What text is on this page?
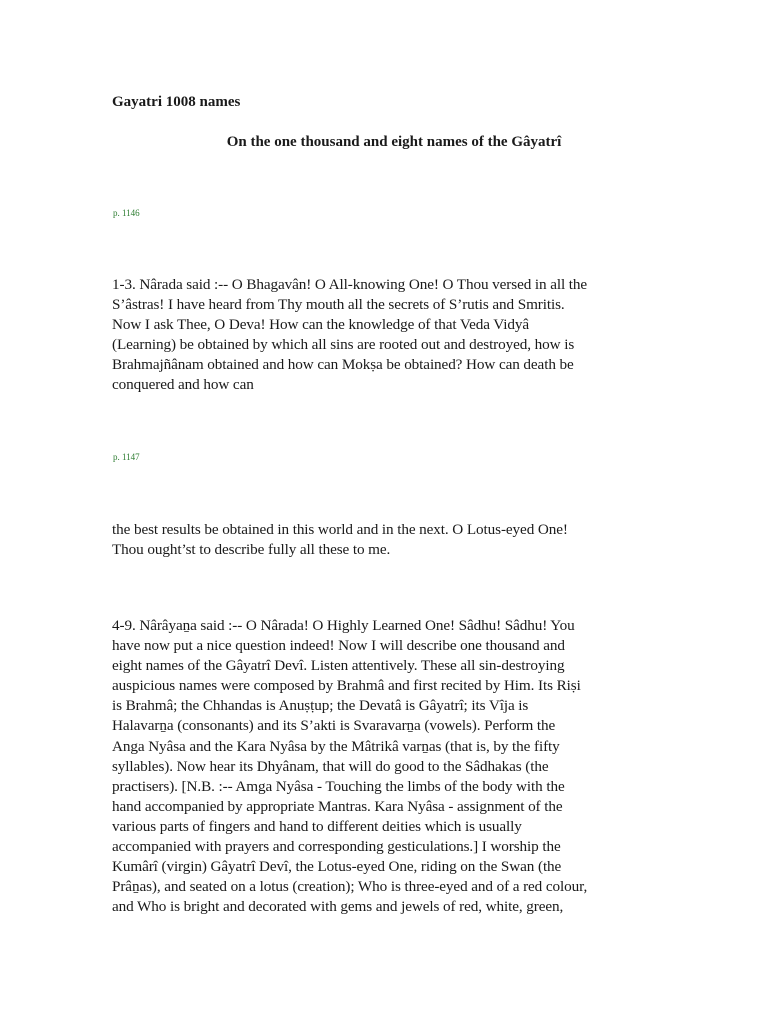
Gayatri 1008 names
On the one thousand and eight names of the Gâyatrî

p. 1146

1-3. Nârada said :-- O Bhagavân! O All-knowing One! O Thou versed in all the
S’âstras! I have heard from Thy mouth all the secrets of S’rutis and Smritis.
Now I ask Thee, O Deva! How can the knowledge of that Veda Vidyâ
(Learning) be obtained by which all sins are rooted out and destroyed, how is
Brahmajñânam obtained and how can Mokṣa be obtained? How can death be
conquered and how can

p. 1147

the best results be obtained in this world and in the next. O Lotus-eyed One!
Thou ought’st to describe fully all these to me.
4-9. Nârâyaṉa said :-- O Nârada! O Highly Learned One! Sâdhu! Sâdhu! You
have now put a nice question indeed! Now I will describe one thousand and
eight names of the Gâyatrî Devî. Listen attentively. These all sin-destroying
auspicious names were composed by Brahmâ and first recited by Him. Its Riṣi
is Brahmâ; the Chhandas is Anuṣṭup; the Devatâ is Gâyatrî; its Vîja is
Halavarṉa (consonants) and its S’akti is Svaravarṉa (vowels). Perform the
Anga Nyâsa and the Kara Nyâsa by the Mâtrikâ varṉas (that is, by the fifty
syllables). Now hear its Dhyânam, that will do good to the Sâdhakas (the
practisers). [N.B. :-- Amga Nyâsa - Touching the limbs of the body with the
hand accompanied by appropriate Mantras. Kara Nyâsa - assignment of the
various parts of fingers and hand to different deities which is usually
accompanied with prayers and corresponding gesticulations.] I worship the
Kumârî (virgin) Gâyatrî Devî, the Lotus-eyed One, riding on the Swan (the
Prâṉas), and seated on a lotus (creation); Who is three-eyed and of a red colour,
and Who is bright and decorated with gems and jewels of red, white, green,
